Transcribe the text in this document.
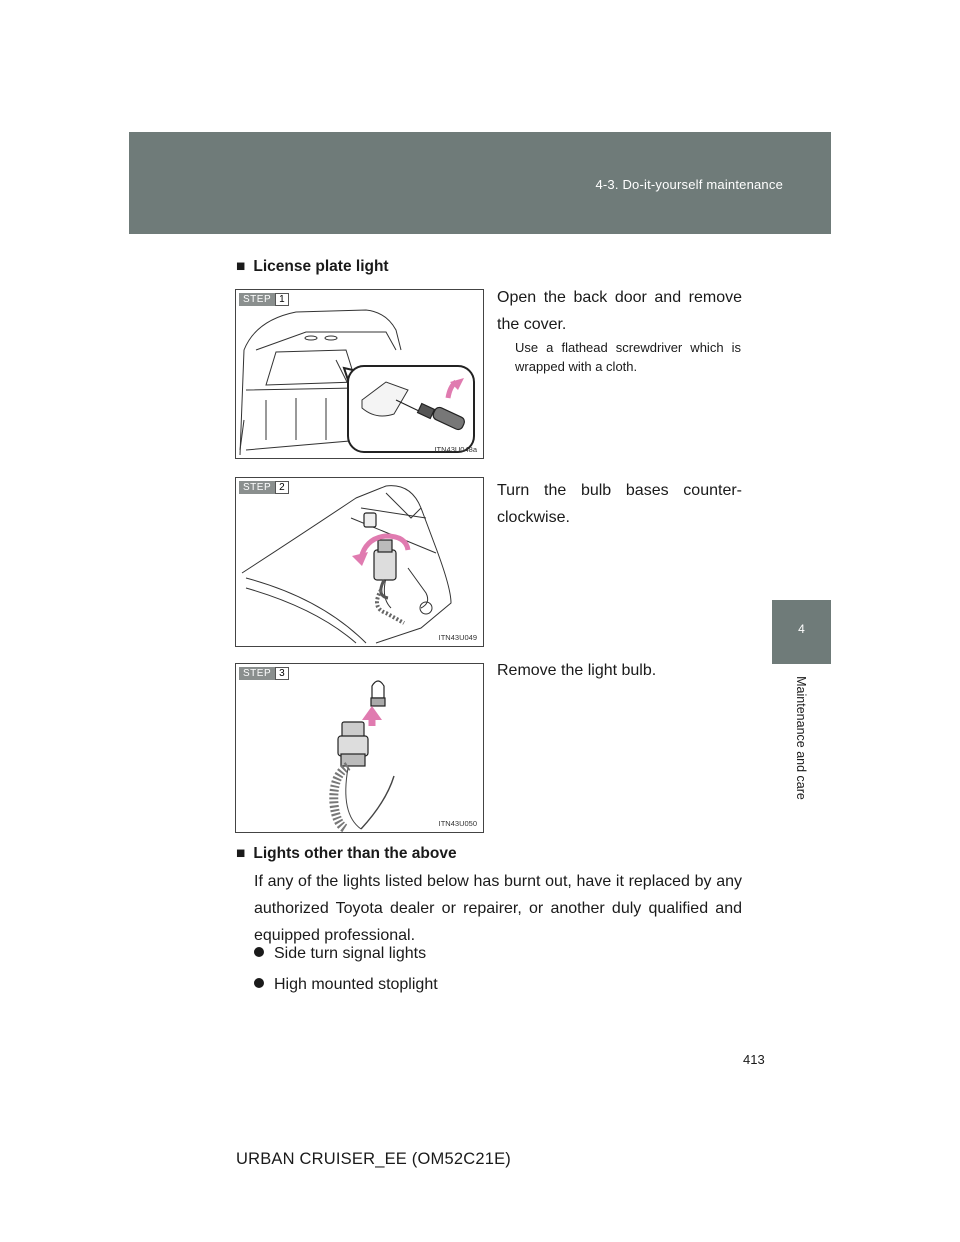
4-3. Do-it-yourself maintenance
4
Maintenance and care
■ License plate light
STEP 1
ITN43U048a
Open the back door and remove the cover.
Use a flathead screwdriver which is wrapped with a cloth.
STEP 2
ITN43U049
Turn the bulb bases counter-clockwise.
STEP 3
ITN43U050
Remove the light bulb.
■ Lights other than the above
If any of the lights listed below has burnt out, have it replaced by any authorized Toyota dealer or repairer, or another duly qualified and equipped professional.
Side turn signal lights
High mounted stoplight
413
URBAN CRUISER_EE (OM52C21E)
